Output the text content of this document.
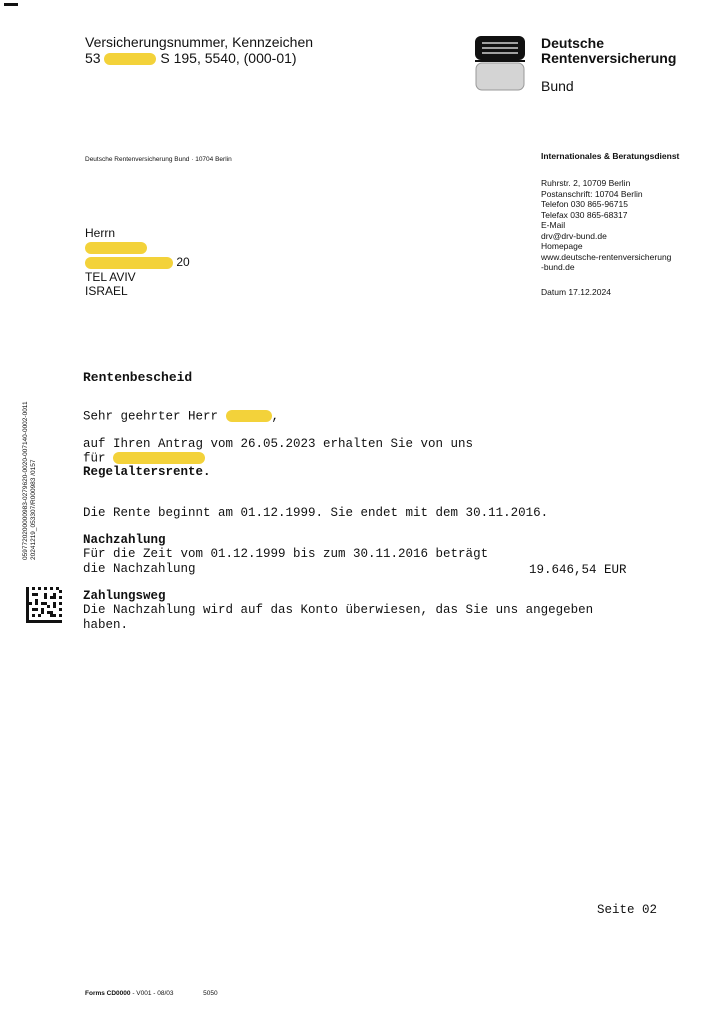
Versicherungsnummer, Kennzeichen
53	S 195, 5540, (000-01)
Deutsche
Rentenversicherung
Bund
Deutsche Rentenversicherung Bund · 10704 Berlin	Internationales & Beratungsdienst
Ruhrstr. 2, 10709 Berlin
Postanschrift: 10704 Berlin
Telefon 030 865-96715
Telefax 030 865-68317
E-Mail
drv@drv-bund.de
Homepage
www.deutsche-rentenversicherung
-bund.de
Datum 17.12.2024
Herrn
20
TEL AVIV
ISRAEL
0597720200000983-0279620-0020-007140-0002-0011 20241219_053307/R000983 /0157
Rentenbescheid
Sehr geehrter Herr	,
auf Ihren Antrag vom 26.05.2023 erhalten Sie von uns
für
Regelaltersrente.
Die Rente beginnt am 01.12.1999. Sie endet mit dem 30.11.2016.
Nachzahlung
Für die Zeit vom 01.12.1999 bis zum 30.11.2016 beträgt
die Nachzahlung	19.646,54 EUR
Zahlungsweg
Die Nachzahlung wird auf das Konto überwiesen, das Sie uns angegeben
haben.
Seite 02
Forms CD0000 - V001 - 08/03	5050
